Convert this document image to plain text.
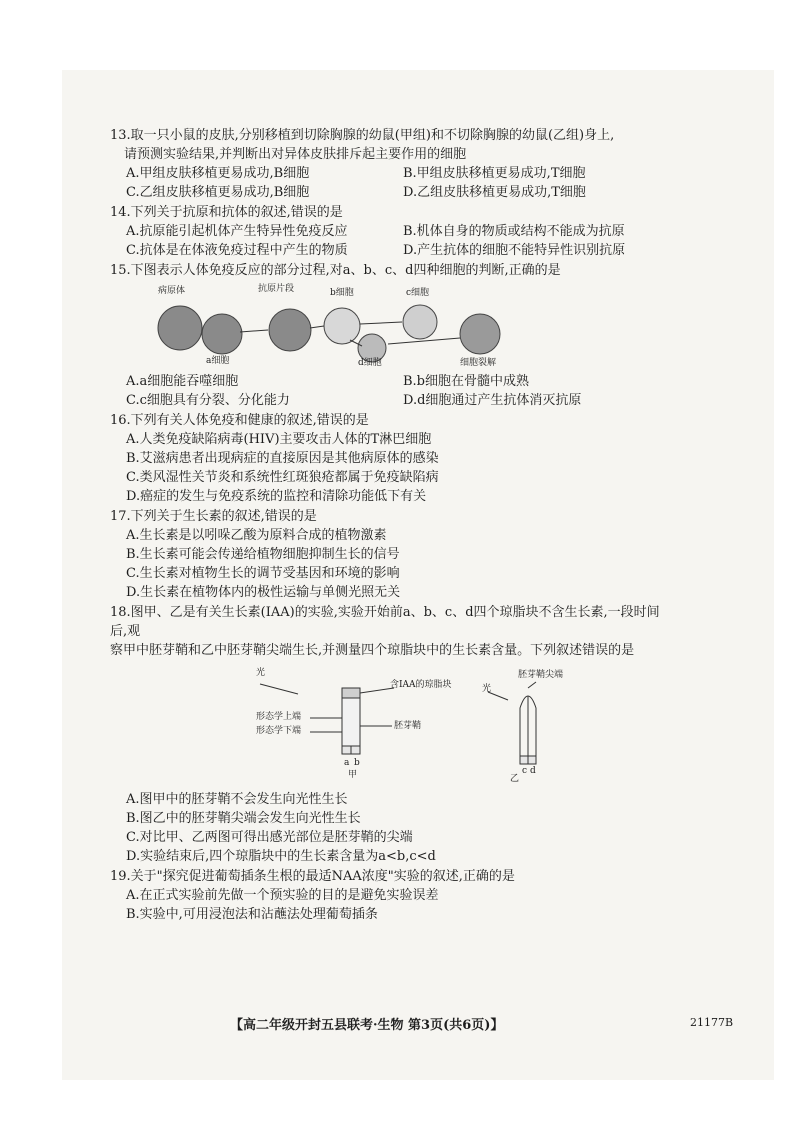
13.取一只小鼠的皮肤,分别移植到切除胸腺的幼鼠(甲组)和不切除胸腺的幼鼠(乙组)身上,
请预测实验结果,并判断出对异体皮肤排斥起主要作用的细胞
A.甲组皮肤移植更易成功,B细胞	B.甲组皮肤移植更易成功,T细胞
C.乙组皮肤移植更易成功,B细胞	D.乙组皮肤移植更易成功,T细胞
14.下列关于抗原和抗体的叙述,错误的是
A.抗原能引起机体产生特异性免疫反应	B.机体自身的物质或结构不能成为抗原
C.抗体是在体液免疫过程中产生的物质	D.产生抗体的细胞不能特异性识别抗原
15.下图表示人体免疫反应的部分过程,对a、b、c、d四种细胞的判断,正确的是
病原体	抗原片段	b细胞	c细胞
a细胞	d细胞	细胞裂解
A.a细胞能吞噬细胞	B.b细胞在骨髓中成熟
C.c细胞具有分裂、分化能力	D.d细胞通过产生抗体消灭抗原
16.下列有关人体免疫和健康的叙述,错误的是
A.人类免疫缺陷病毒(HIV)主要攻击人体的T淋巴细胞
B.艾滋病患者出现病症的直接原因是其他病原体的感染
C.类风湿性关节炎和系统性红斑狼疮都属于免疫缺陷病
D.癌症的发生与免疫系统的监控和清除功能低下有关
17.下列关于生长素的叙述,错误的是
A.生长素是以吲哚乙酸为原料合成的植物激素
B.生长素可能会传递给植物细胞抑制生长的信号
C.生长素对植物生长的调节受基因和环境的影响
D.生长素在植物体内的极性运输与单侧光照无关
18.图甲、乙是有关生长素(IAA)的实验,实验开始前a、b、c、d四个琼脂块不含生长素,一段时间后,观
察甲中胚芽鞘和乙中胚芽鞘尖端生长,并测量四个琼脂块中的生长素含量。下列叙述错误的是
光
含IAA的琼脂块
形态学上端
形态学下端	胚芽鞘
a b
甲
胚芽鞘尖端
光
c d
乙
A.图甲中的胚芽鞘不会发生向光性生长
B.图乙中的胚芽鞘尖端会发生向光性生长
C.对比甲、乙两图可得出感光部位是胚芽鞘的尖端
D.实验结束后,四个琼脂块中的生长素含量为a<b,c<d
19.关于"探究促进葡萄插条生根的最适NAA浓度"实验的叙述,正确的是
A.在正式实验前先做一个预实验的目的是避免实验误差
B.实验中,可用浸泡法和沾蘸法处理葡萄插条
【高二年级开封五县联考·生物 第3页(共6页)】	21177B
